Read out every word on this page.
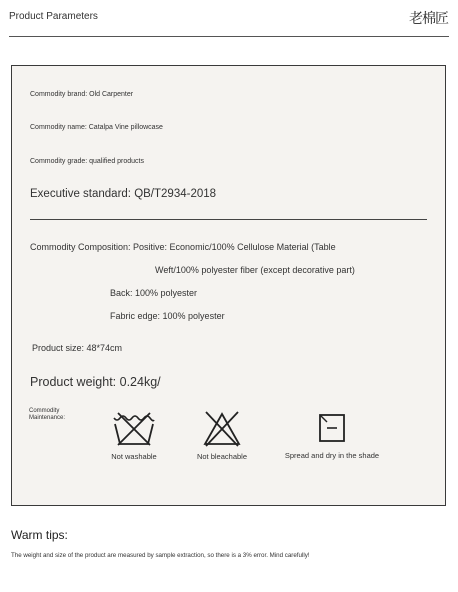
Product Parameters	老棉匠
Commodity brand: Old Carpenter
Commodity name: Catalpa Vine pillowcase
Commodity grade: qualified products
Executive standard: QB/T2934-2018
Commodity Composition: Positive: Economic/100% Cellulose Material (Table
Weft/100% polyester fiber (except decorative part)
Back: 100% polyester
Fabric edge: 100% polyester
Product size: 48*74cm
Product weight: 0.24kg/
Commodity
Maintenance:
Not washable	Not bleachable	Spread and dry in the shade
Warm tips:
The weight and size of the product are measured by sample extraction, so there is a 3% error. Mind carefully!
